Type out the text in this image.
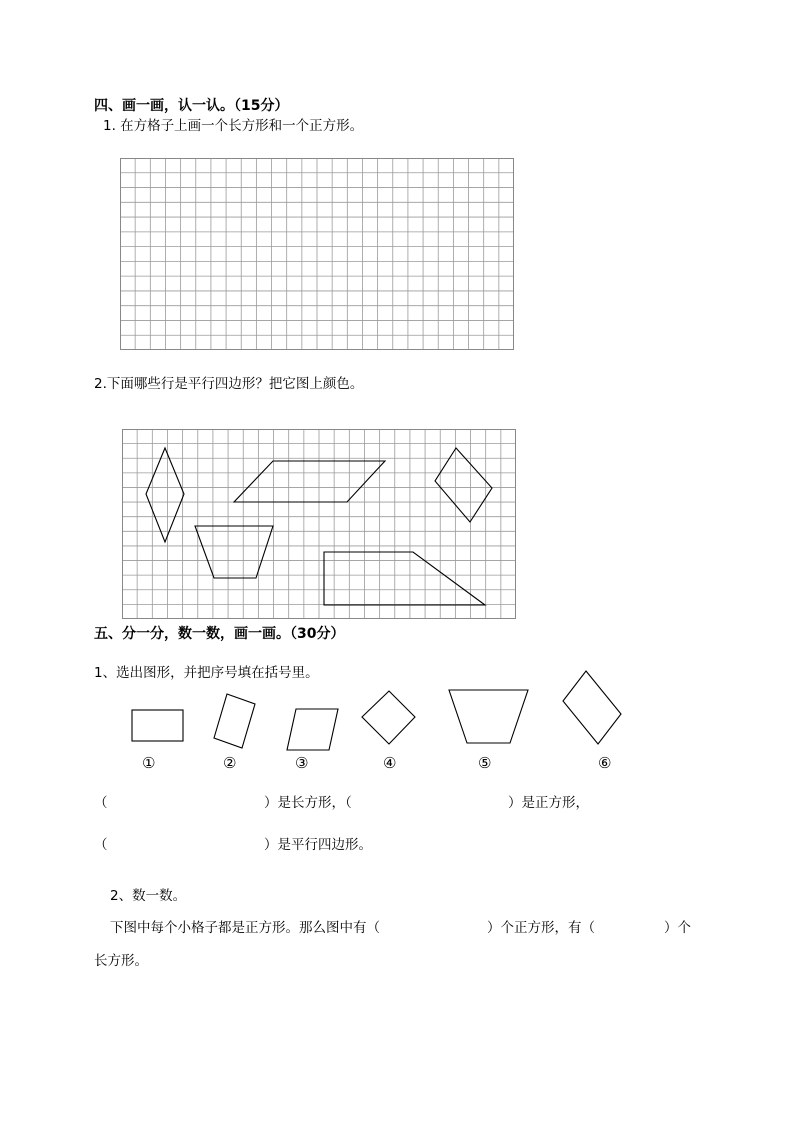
四、画一画，认一认。（15分）
1. 在方格子上画一个长方形和一个正方形。
2.下面哪些行是平行四边形？把它图上颜色。
五、分一分，数一数，画一画。（30分）
1、选出图形，并把序号填在括号里。
①	②	③	④	⑤	⑥
（	）是长方形，（	）是正方形，
（	）是平行四边形。
2、数一数。
下图中每个小格子都是正方形。那么图中有（	）个正方形，有（	）个
长方形。
